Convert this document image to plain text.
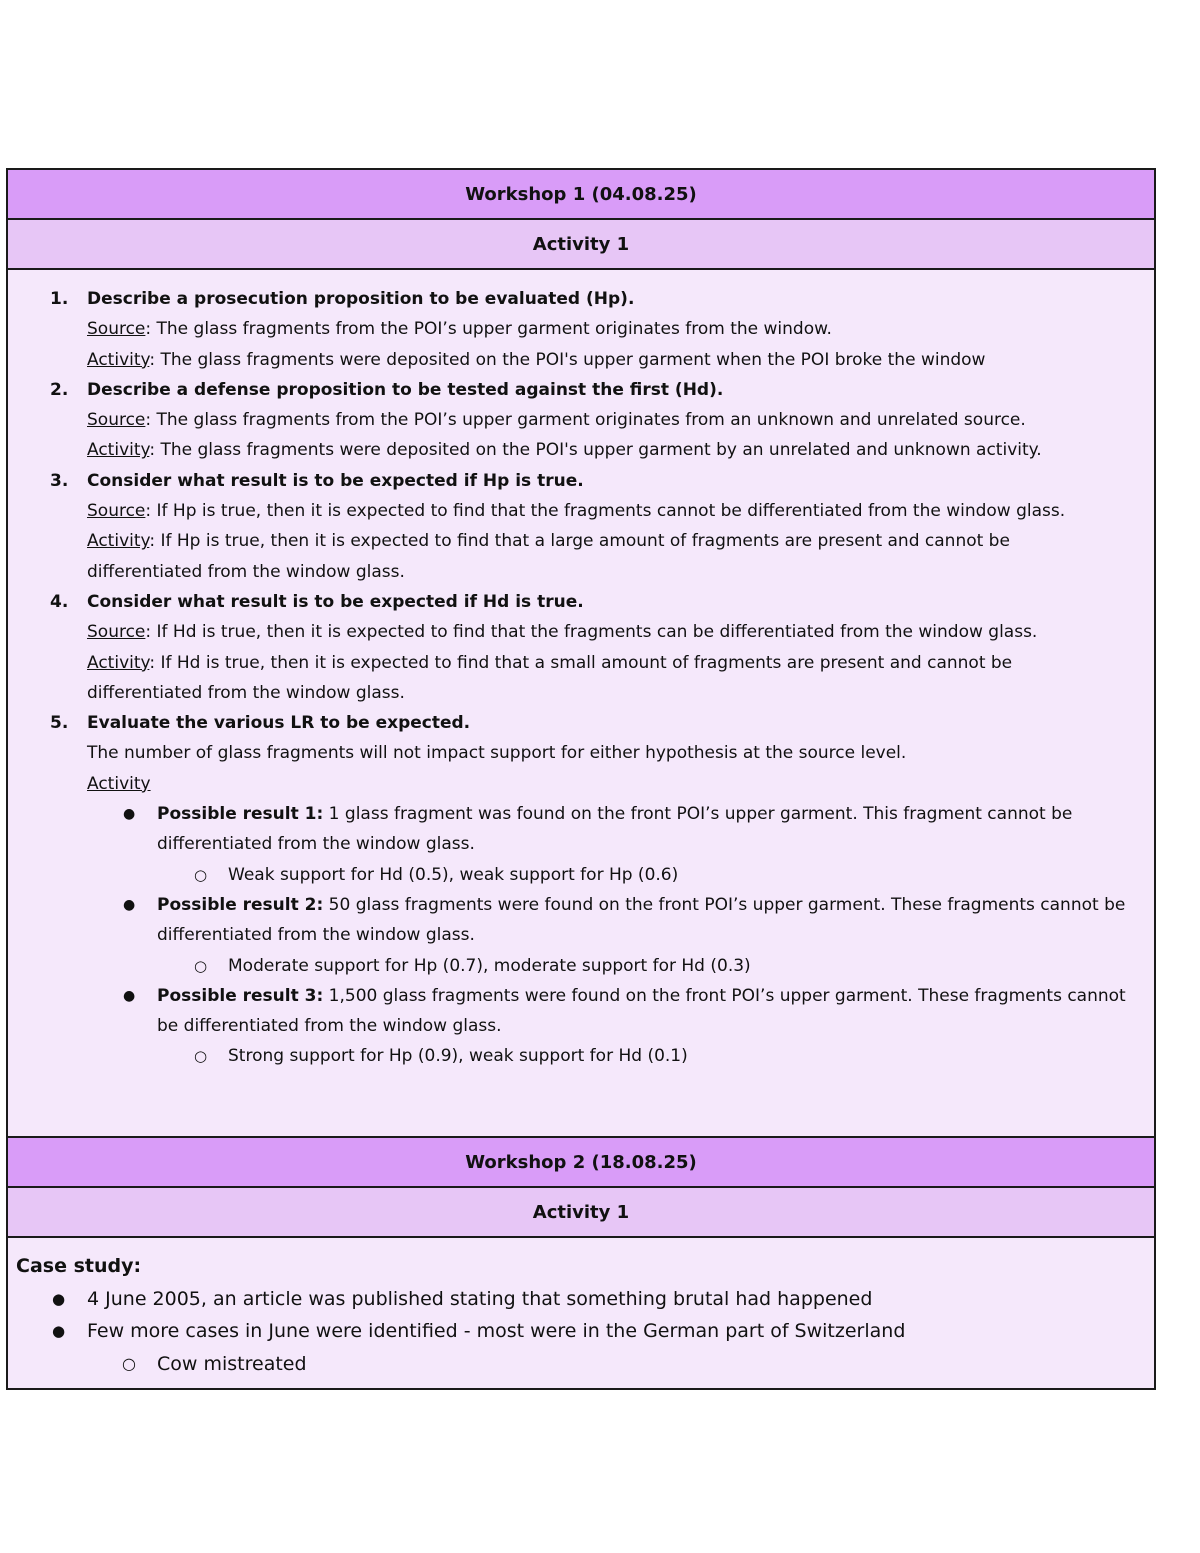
Workshop 1 (04.08.25)
Activity 1
1. Describe a prosecution proposition to be evaluated (Hp).
Source: The glass fragments from the POI’s upper garment originates from the window.
Activity: The glass fragments were deposited on the POI's upper garment when the POI broke the window
2. Describe a defense proposition to be tested against the first (Hd).
Source: The glass fragments from the POI’s upper garment originates from an unknown and unrelated source.
Activity: The glass fragments were deposited on the POI's upper garment by an unrelated and unknown activity.
3. Consider what result is to be expected if Hp is true.
Source: If Hp is true, then it is expected to find that the fragments cannot be differentiated from the window glass.
Activity: If Hp is true, then it is expected to find that a large amount of fragments are present and cannot be
differentiated from the window glass.
4. Consider what result is to be expected if Hd is true.
Source: If Hd is true, then it is expected to find that the fragments can be differentiated from the window glass.
Activity: If Hd is true, then it is expected to find that a small amount of fragments are present and cannot be
differentiated from the window glass.
5. Evaluate the various LR to be expected.
The number of glass fragments will not impact support for either hypothesis at the source level.
Activity
● Possible result 1: 1 glass fragment was found on the front POI’s upper garment. This fragment cannot be
differentiated from the window glass.
○ Weak support for Hd (0.5), weak support for Hp (0.6)
● Possible result 2: 50 glass fragments were found on the front POI’s upper garment. These fragments cannot be
differentiated from the window glass.
○ Moderate support for Hp (0.7), moderate support for Hd (0.3)
● Possible result 3: 1,500 glass fragments were found on the front POI’s upper garment. These fragments cannot
be differentiated from the window glass.
○ Strong support for Hp (0.9), weak support for Hd (0.1)
Workshop 2 (18.08.25)
Activity 1
Case study:
● 4 June 2005, an article was published stating that something brutal had happened
● Few more cases in June were identified - most were in the German part of Switzerland
○ Cow mistreated
